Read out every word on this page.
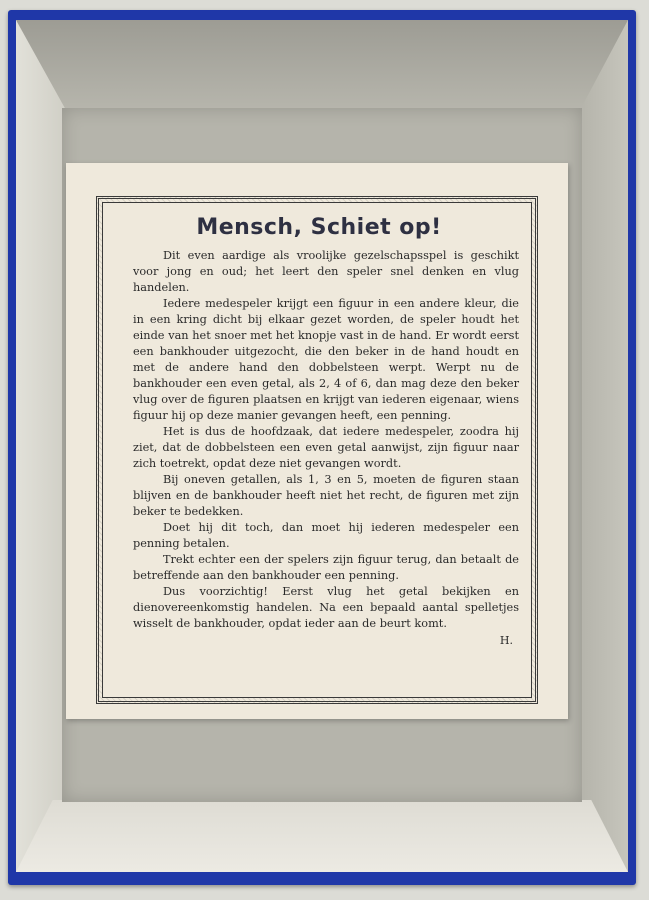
Mensch, Schiet op!

Dit even aardige als vroolijke gezelschapsspel is geschikt voor jong en oud; het leert den speler snel denken en vlug handelen.

Iedere medespeler krijgt een figuur in een andere kleur, die in een kring dicht bij elkaar gezet worden, de speler houdt het einde van het snoer met het knopje vast in de hand. Er wordt eerst een bankhouder uitgezocht, die den beker in de hand houdt en met de andere hand den dobbelsteen werpt. Werpt nu de bankhouder een even getal, als 2, 4 of 6, dan mag deze den beker vlug over de figuren plaatsen en krijgt van iederen eigenaar, wiens figuur hij op deze manier gevangen heeft, een penning.

Het is dus de hoofdzaak, dat iedere medespeler, zoodra hij ziet, dat de dobbelsteen een even getal aanwijst, zijn figuur naar zich toetrekt, opdat deze niet gevangen wordt.

Bij oneven getallen, als 1, 3 en 5, moeten de figuren staan blijven en de bankhouder heeft niet het recht, de figuren met zijn beker te bedekken.

Doet hij dit toch, dan moet hij iederen medespeler een penning betalen.

Trekt echter een der spelers zijn figuur terug, dan betaalt de betreffende aan den bankhouder een penning.

Dus voorzichtig! Eerst vlug het getal bekijken en dienovereenkomstig handelen. Na een bepaald aantal spelletjes wisselt de bankhouder, opdat ieder aan de beurt komt.

H.
